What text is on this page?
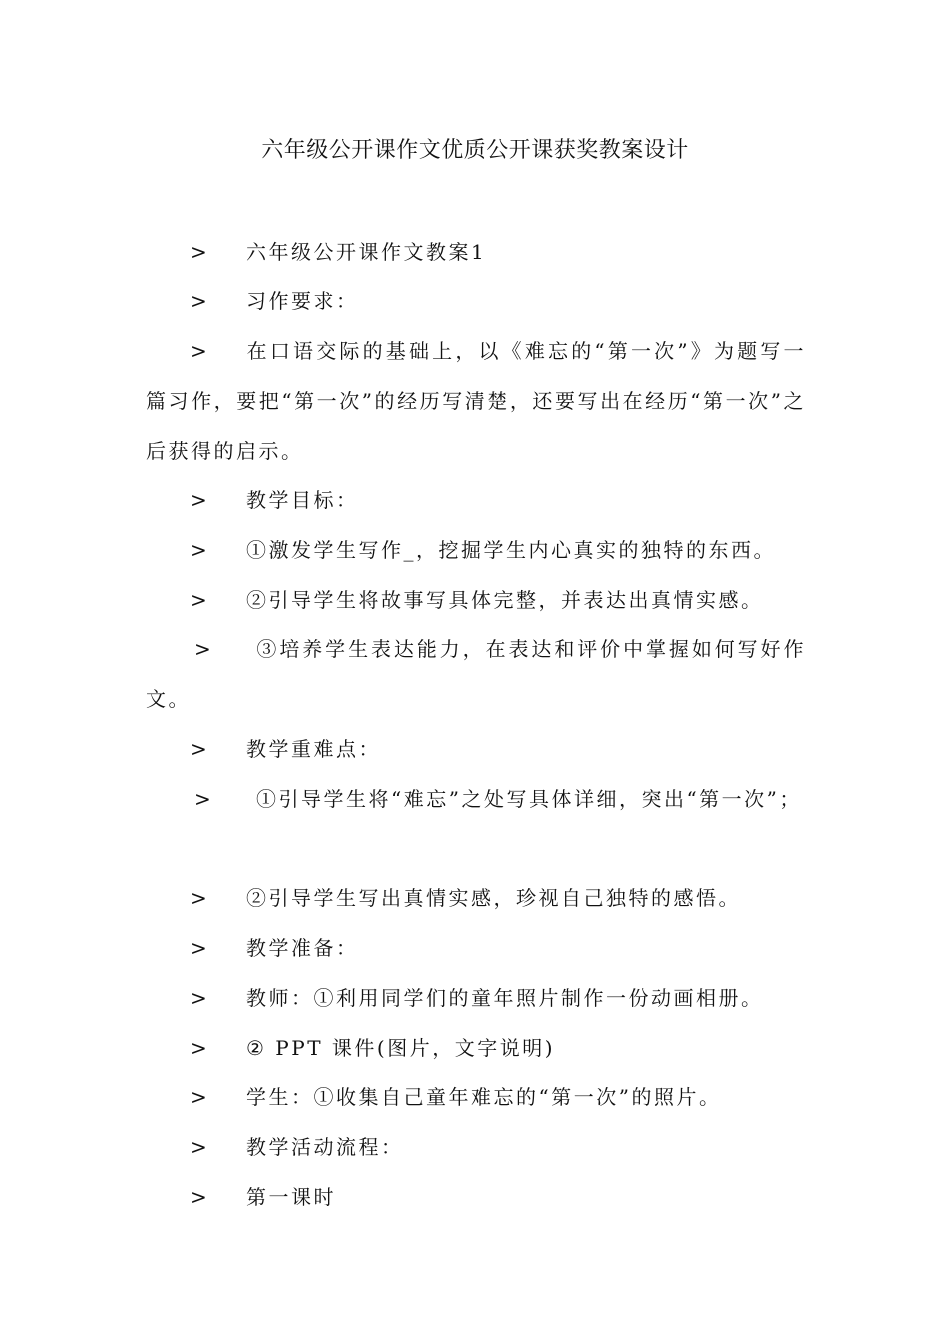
六年级公开课作文优质公开课获奖教案设计
> 六年级公开课作文教案1
> 习作要求：
> 在口语交际的基础上，以《难忘的“第一次”》为题写一篇习作，要把“第一次”的经历写清楚，还要写出在经历“第一次”之后获得的启示。
> 教学目标：
> ①激发学生写作_，挖掘学生内心真实的独特的东西。
> ②引导学生将故事写具体完整，并表达出真情实感。
> ③培养学生表达能力，在表达和评价中掌握如何写好作文。
> 教学重难点：
> ①引导学生将“难忘”之处写具体详细，突出“第一次”；
> ②引导学生写出真情实感，珍视自己独特的感悟。
> 教学准备：
> 教师：①利用同学们的童年照片制作一份动画相册。
> ② PPT 课件(图片，文字说明)
> 学生：①收集自己童年难忘的“第一次”的照片。
> 教学活动流程：
> 第一课时
